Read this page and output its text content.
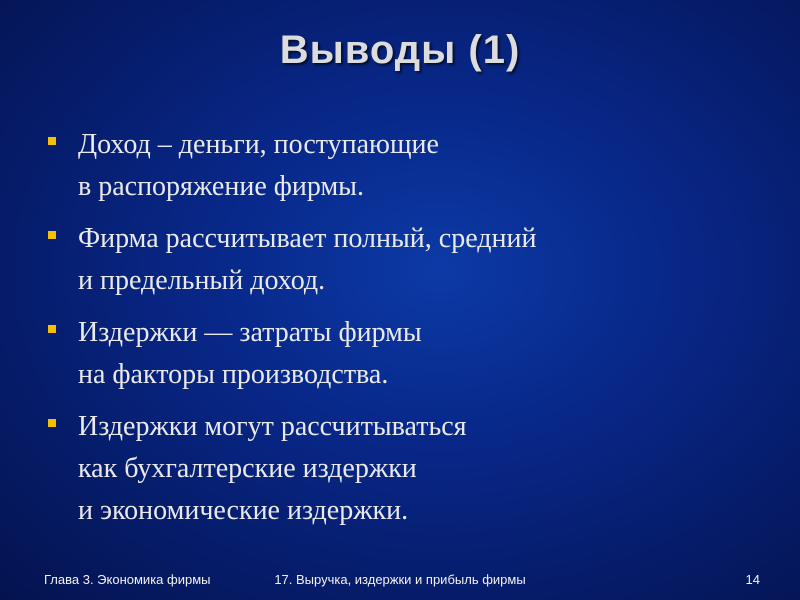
Выводы (1)
Доход – деньги, поступающие
в распоряжение фирмы.
Фирма рассчитывает полный, средний
и предельный доход.
Издержки — затраты фирмы
на факторы производства.
Издержки могут рассчитываться
как бухгалтерские издержки
и экономические издержки.
Глава 3. Экономика фирмы	17. Выручка, издержки и прибыль фирмы	14
